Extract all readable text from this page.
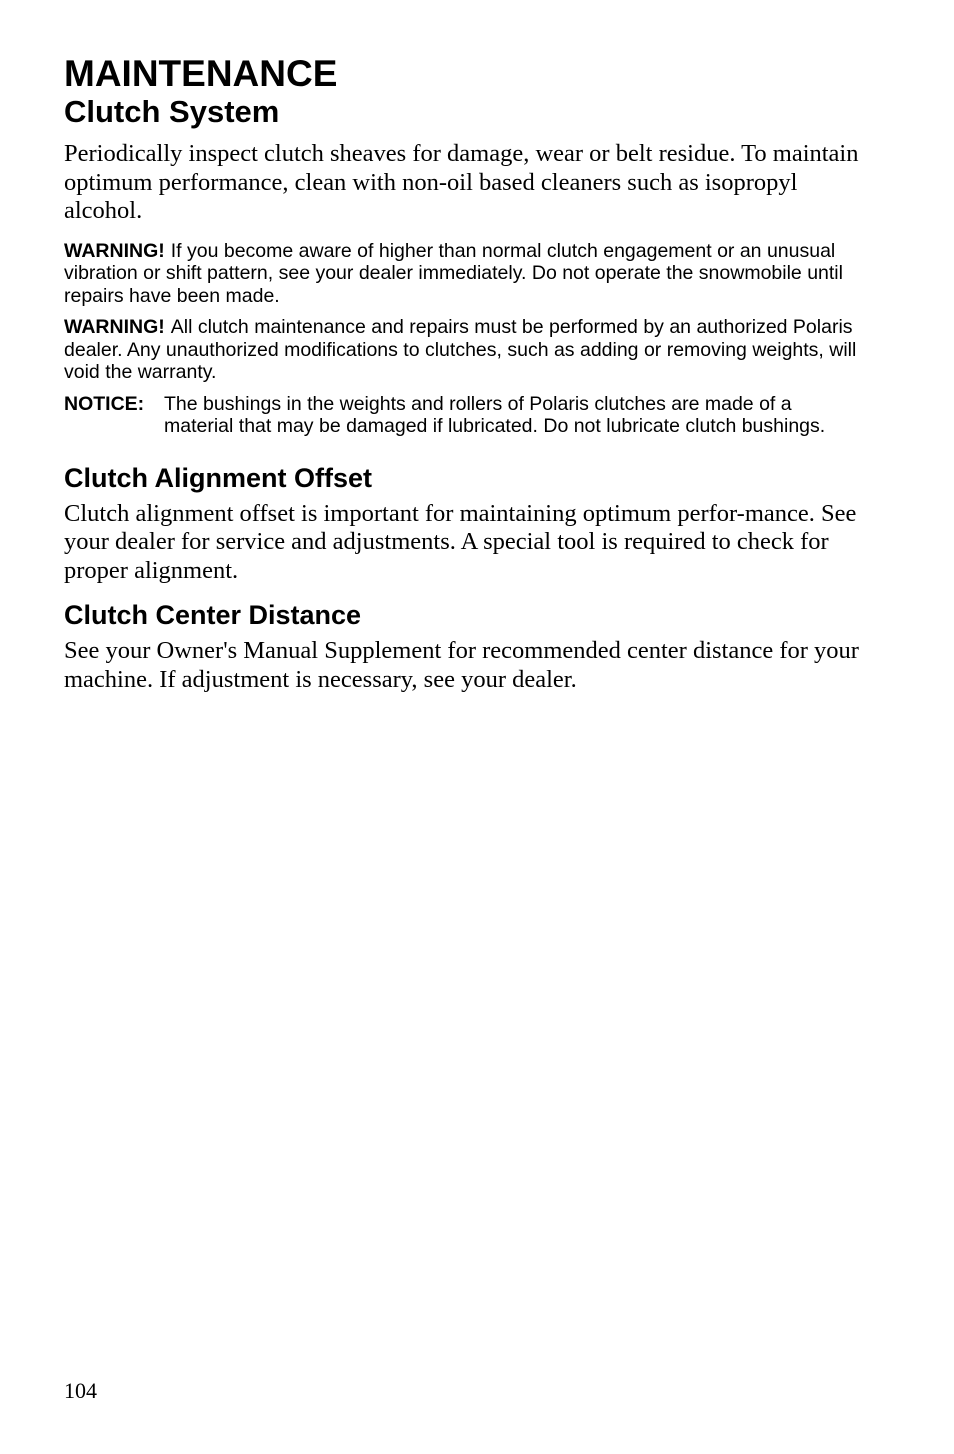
MAINTENANCE
Clutch System

Periodically inspect clutch sheaves for damage, wear or belt residue. To maintain optimum performance, clean with non-oil based cleaners such as isopropyl alcohol.

WARNING! If you become aware of higher than normal clutch engagement or an unusual vibration or shift pattern, see your dealer immediately. Do not operate the snowmobile until repairs have been made.
WARNING! All clutch maintenance and repairs must be performed by an authorized Polaris dealer. Any unauthorized modifications to clutches, such as adding or removing weights, will void the warranty.
NOTICE:	The bushings in the weights and rollers of Polaris clutches are made of a material that may be damaged if lubricated. Do not lubricate clutch bushings.
Clutch Alignment Offset

Clutch alignment offset is important for maintaining optimum perfor-mance. See your dealer for service and adjustments. A special tool is required to check for proper alignment.

Clutch Center Distance

See your Owner's Manual Supplement for recommended center distance for your machine. If adjustment is necessary, see your dealer.

104
